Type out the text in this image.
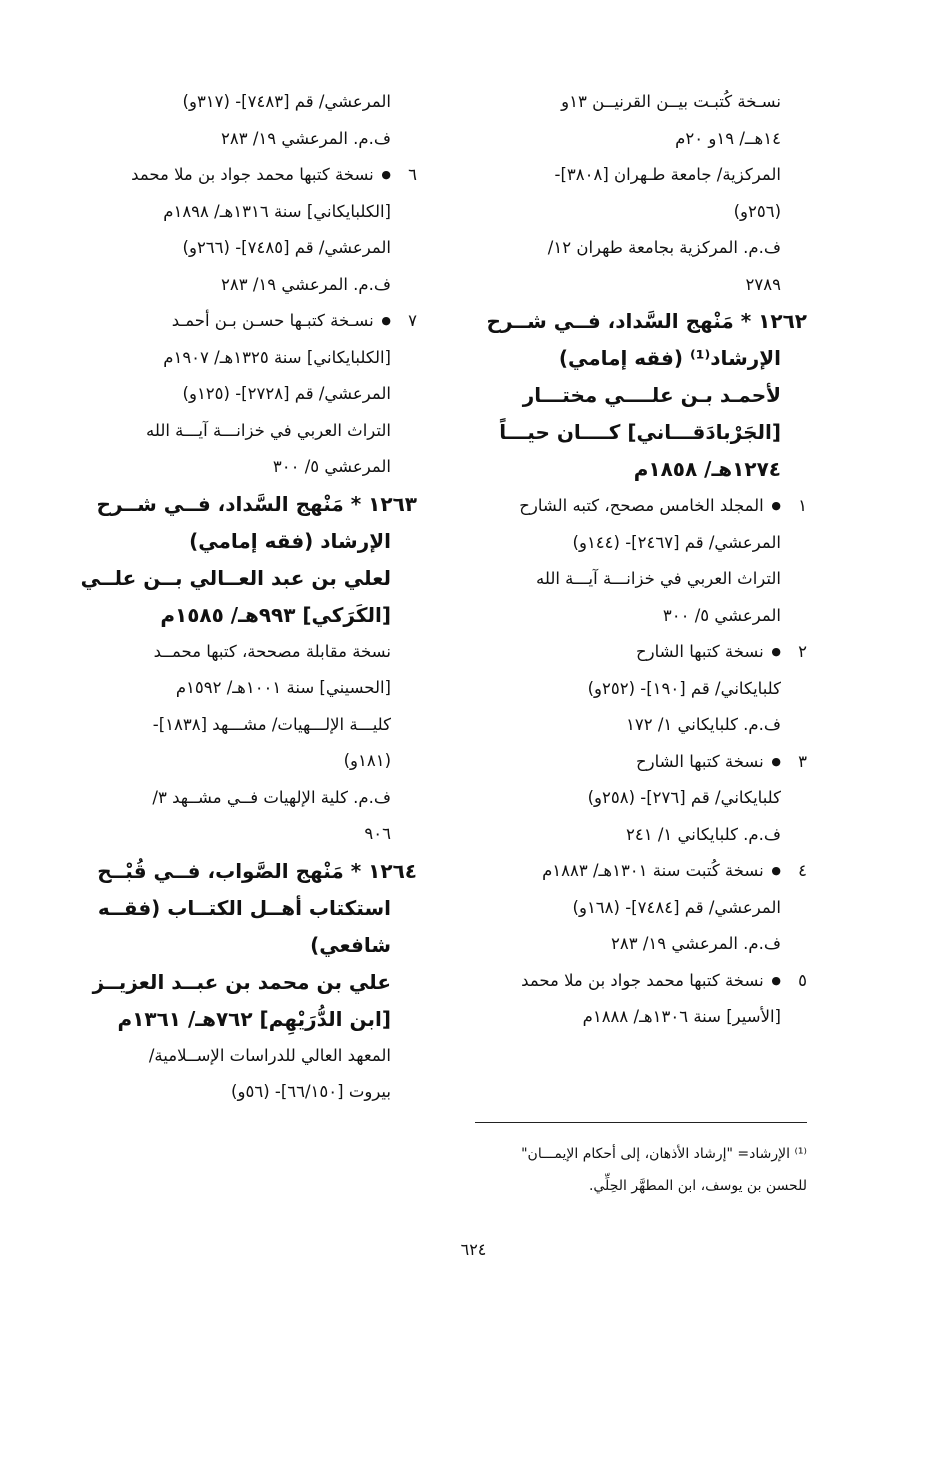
نسـخة كُتبـت بيــن القرنيــن ١٣و
١٤هــ/ ١٩و ٢٠م
المركزية/ جامعة طـهران [٣٨٠٨]-
(٢٥٦و)
ف.م. المركزية بجامعة طهران ١٢/
٢٧٨٩
١٢٦٢ * مَنْهج السَّداد، فــي شــرح
الإرشاد⁽¹⁾ (فقه إمامي)
لأحمـد بـن علــــي مختـــار
[الجَرْبادَقـــاني] كــــان حيـــاً
١٢٧٤هـ/ ١٨٥٨م
١● المجلد الخامس مصحح، كتبه الشارح
المرعشي/ قم [٢٤٦٧]- (١٤٤و)
التراث العربي في خزانـــة آيـــة الله
المرعشي ٥/ ٣٠٠
٢● نسخة كتبها الشارح
كلبايكاني/ قم [١٩٠]- (٢٥٢و)
ف.م. كلبايكاني ١/ ١٧٢
٣● نسخة كتبها الشارح
كلبايكاني/ قم [٢٧٦]- (٢٥٨و)
ف.م. كلبايكاني ١/ ٢٤١
٤● نسخة كُتبت سنة ١٣٠١هـ/ ١٨٨٣م
المرعشي/ قم [٧٤٨٤]- (١٦٨و)
ف.م. المرعشي ١٩/ ٢٨٣
٥● نسخة كتبها محمد جواد بن ملا محمد
[الأسير] سنة ١٣٠٦هـ/ ١٨٨٨م
المرعشي/ قم [٧٤٨٣]- (٣١٧و)
ف.م. المرعشي ١٩/ ٢٨٣
٦● نسخة كتبها محمد جواد بن ملا محمد
[الكلبايكاني] سنة ١٣١٦هـ/ ١٨٩٨م
المرعشي/ قم [٧٤٨٥]- (٢٦٦و)
ف.م. المرعشي ١٩/ ٢٨٣
٧● نسـخة كتبـها حسـن بـن أحمـد
[الكلبايكاني] سنة ١٣٢٥هـ/ ١٩٠٧م
المرعشي/ قم [٢٧٢٨]- (١٢٥و)
التراث العربي في خزانـــة آيـــة الله
المرعشي ٥/ ٣٠٠
١٢٦٣ * مَنْهج السَّداد، فــي شــرح
الإرشاد (فقه إمامي)
لعلي بن عبد العــالي بــن علــي
[الكَرَكي] ٩٩٣هـ/ ١٥٨٥م
نسخة مقابلة مصححة، كتبها محمــد
[الحسيني] سنة ١٠٠١هـ/ ١٥٩٢م
كليـــة الإلـــهيات/ مشـــهد [١٨٣٨]-
(١٨١و)
ف.م. كلية الإلهيات فــي مشــهد ٣/
٩٠٦
١٢٦٤ * مَنْهج الصَّواب، فــي قُبْــح
استكتاب أهــل الكتــاب (فقــه
شافعي)
علي بن محمد بن عبــد العزيــز
[ابن الدُّرَيْهِم] ٧٦٢هـ/ ١٣٦١م
المعهد العالي للدراسات الإســلامية/
بيروت [٦٦/١٥٠]- (٥٦و)
⁽¹⁾ الإرشاد= "إرشاد الأذهان، إلى أحكام الإيمـــان"
للحسن بن يوسف، ابن المطهَّر الحِلِّي.
٦٢٤
